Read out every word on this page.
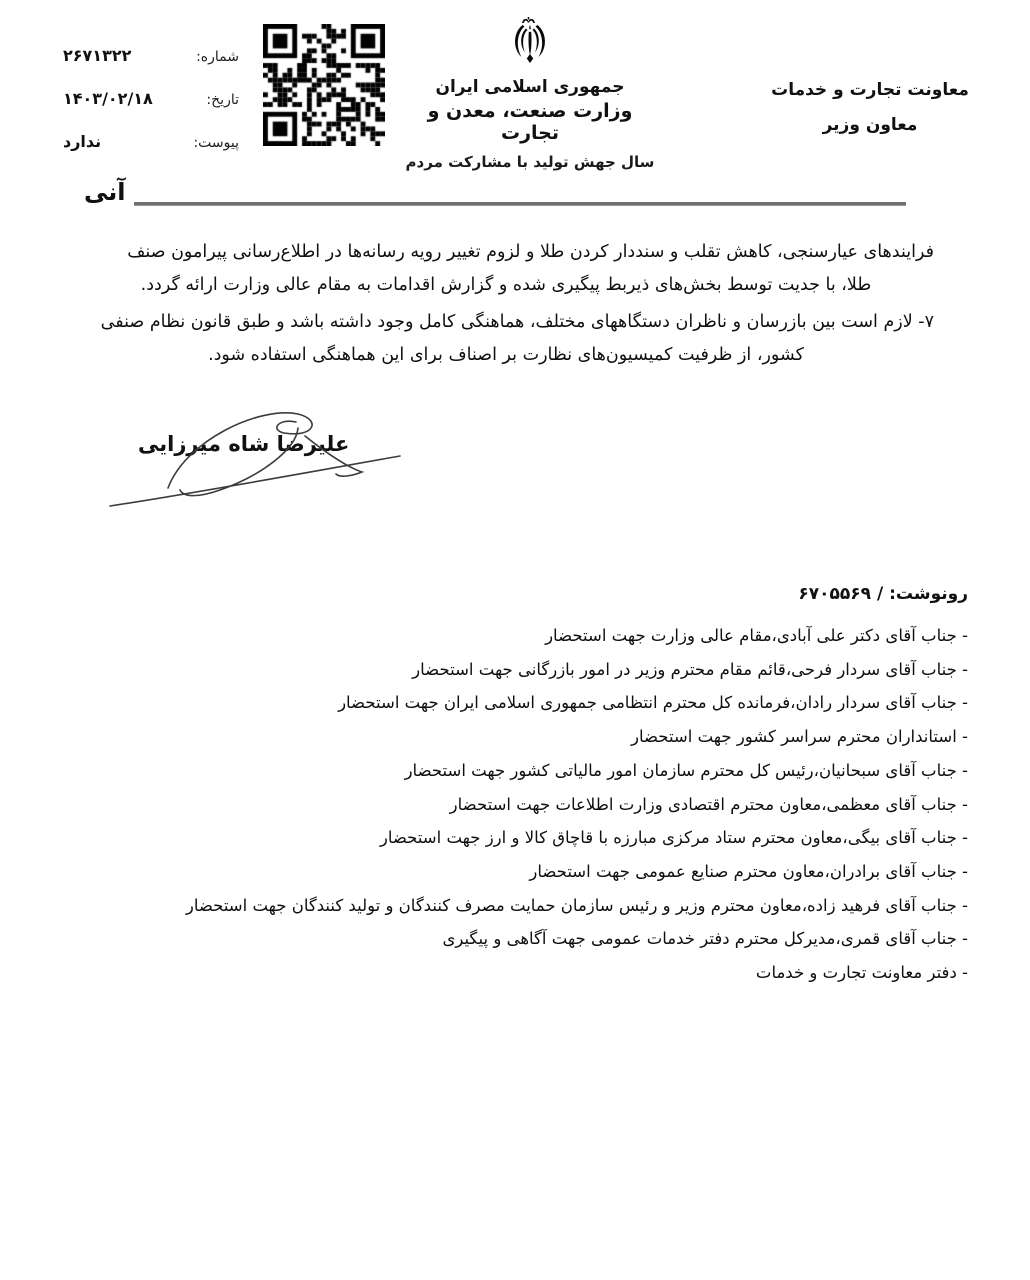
شماره:
۲۶۷۱۳۲۲
تاریخ:
۱۴۰۳/۰۲/۱۸
پیوست:
ندارد
جمهوری اسلامی ایران
وزارت صنعت، معدن و تجارت
سال جهش تولید با مشارکت مردم
معاونت تجارت و خدمات
معاون وزیر
آنی
فرایندهای عیارسنجی، کاهش تقلب و سنددار کردن طلا و لزوم تغییر رویه رسانه‌ها در اطلاع‌رسانی پیرامون صنف
طلا، با جدیت توسط بخش‌های ذیربط پیگیری شده و گزارش اقدامات به مقام عالی وزارت ارائه گردد.
۷- لازم است بین بازرسان و ناظران دستگاههای مختلف، هماهنگی کامل وجود داشته باشد و طبق قانون نظام صنفی
کشور، از ظرفیت کمیسیون‌های نظارت بر اصناف برای این هماهنگی استفاده شود.
علیرضا شاه میرزایی
رونوشت: / ۶۷۰۵۵۶۹
- جناب آقای دکتر علی آبادی،مقام عالی وزارت جهت استحضار
- جناب آقای سردار فرحی،قائم مقام محترم وزیر در امور بازرگانی جهت استحضار
- جناب آقای سردار رادان،فرمانده کل محترم انتظامی جمهوری اسلامی ایران جهت استحضار
- استانداران محترم سراسر کشور جهت استحضار
- جناب آقای سبحانیان،رئیس کل محترم سازمان امور مالیاتی کشور جهت استحضار
- جناب آقای معظمی،معاون محترم اقتصادی وزارت اطلاعات جهت استحضار
- جناب آقای بیگی،معاون محترم ستاد مرکزی مبارزه با قاچاق کالا و ارز جهت استحضار
- جناب آقای برادران،معاون محترم صنایع عمومی جهت استحضار
- جناب آقای فرهید زاده،معاون محترم وزیر و رئیس سازمان حمایت مصرف کنندگان و تولید کنندگان جهت استحضار
- جناب آقای قمری،مدیرکل محترم دفتر خدمات عمومی جهت آگاهی و پیگیری
- دفتر معاونت تجارت و خدمات
